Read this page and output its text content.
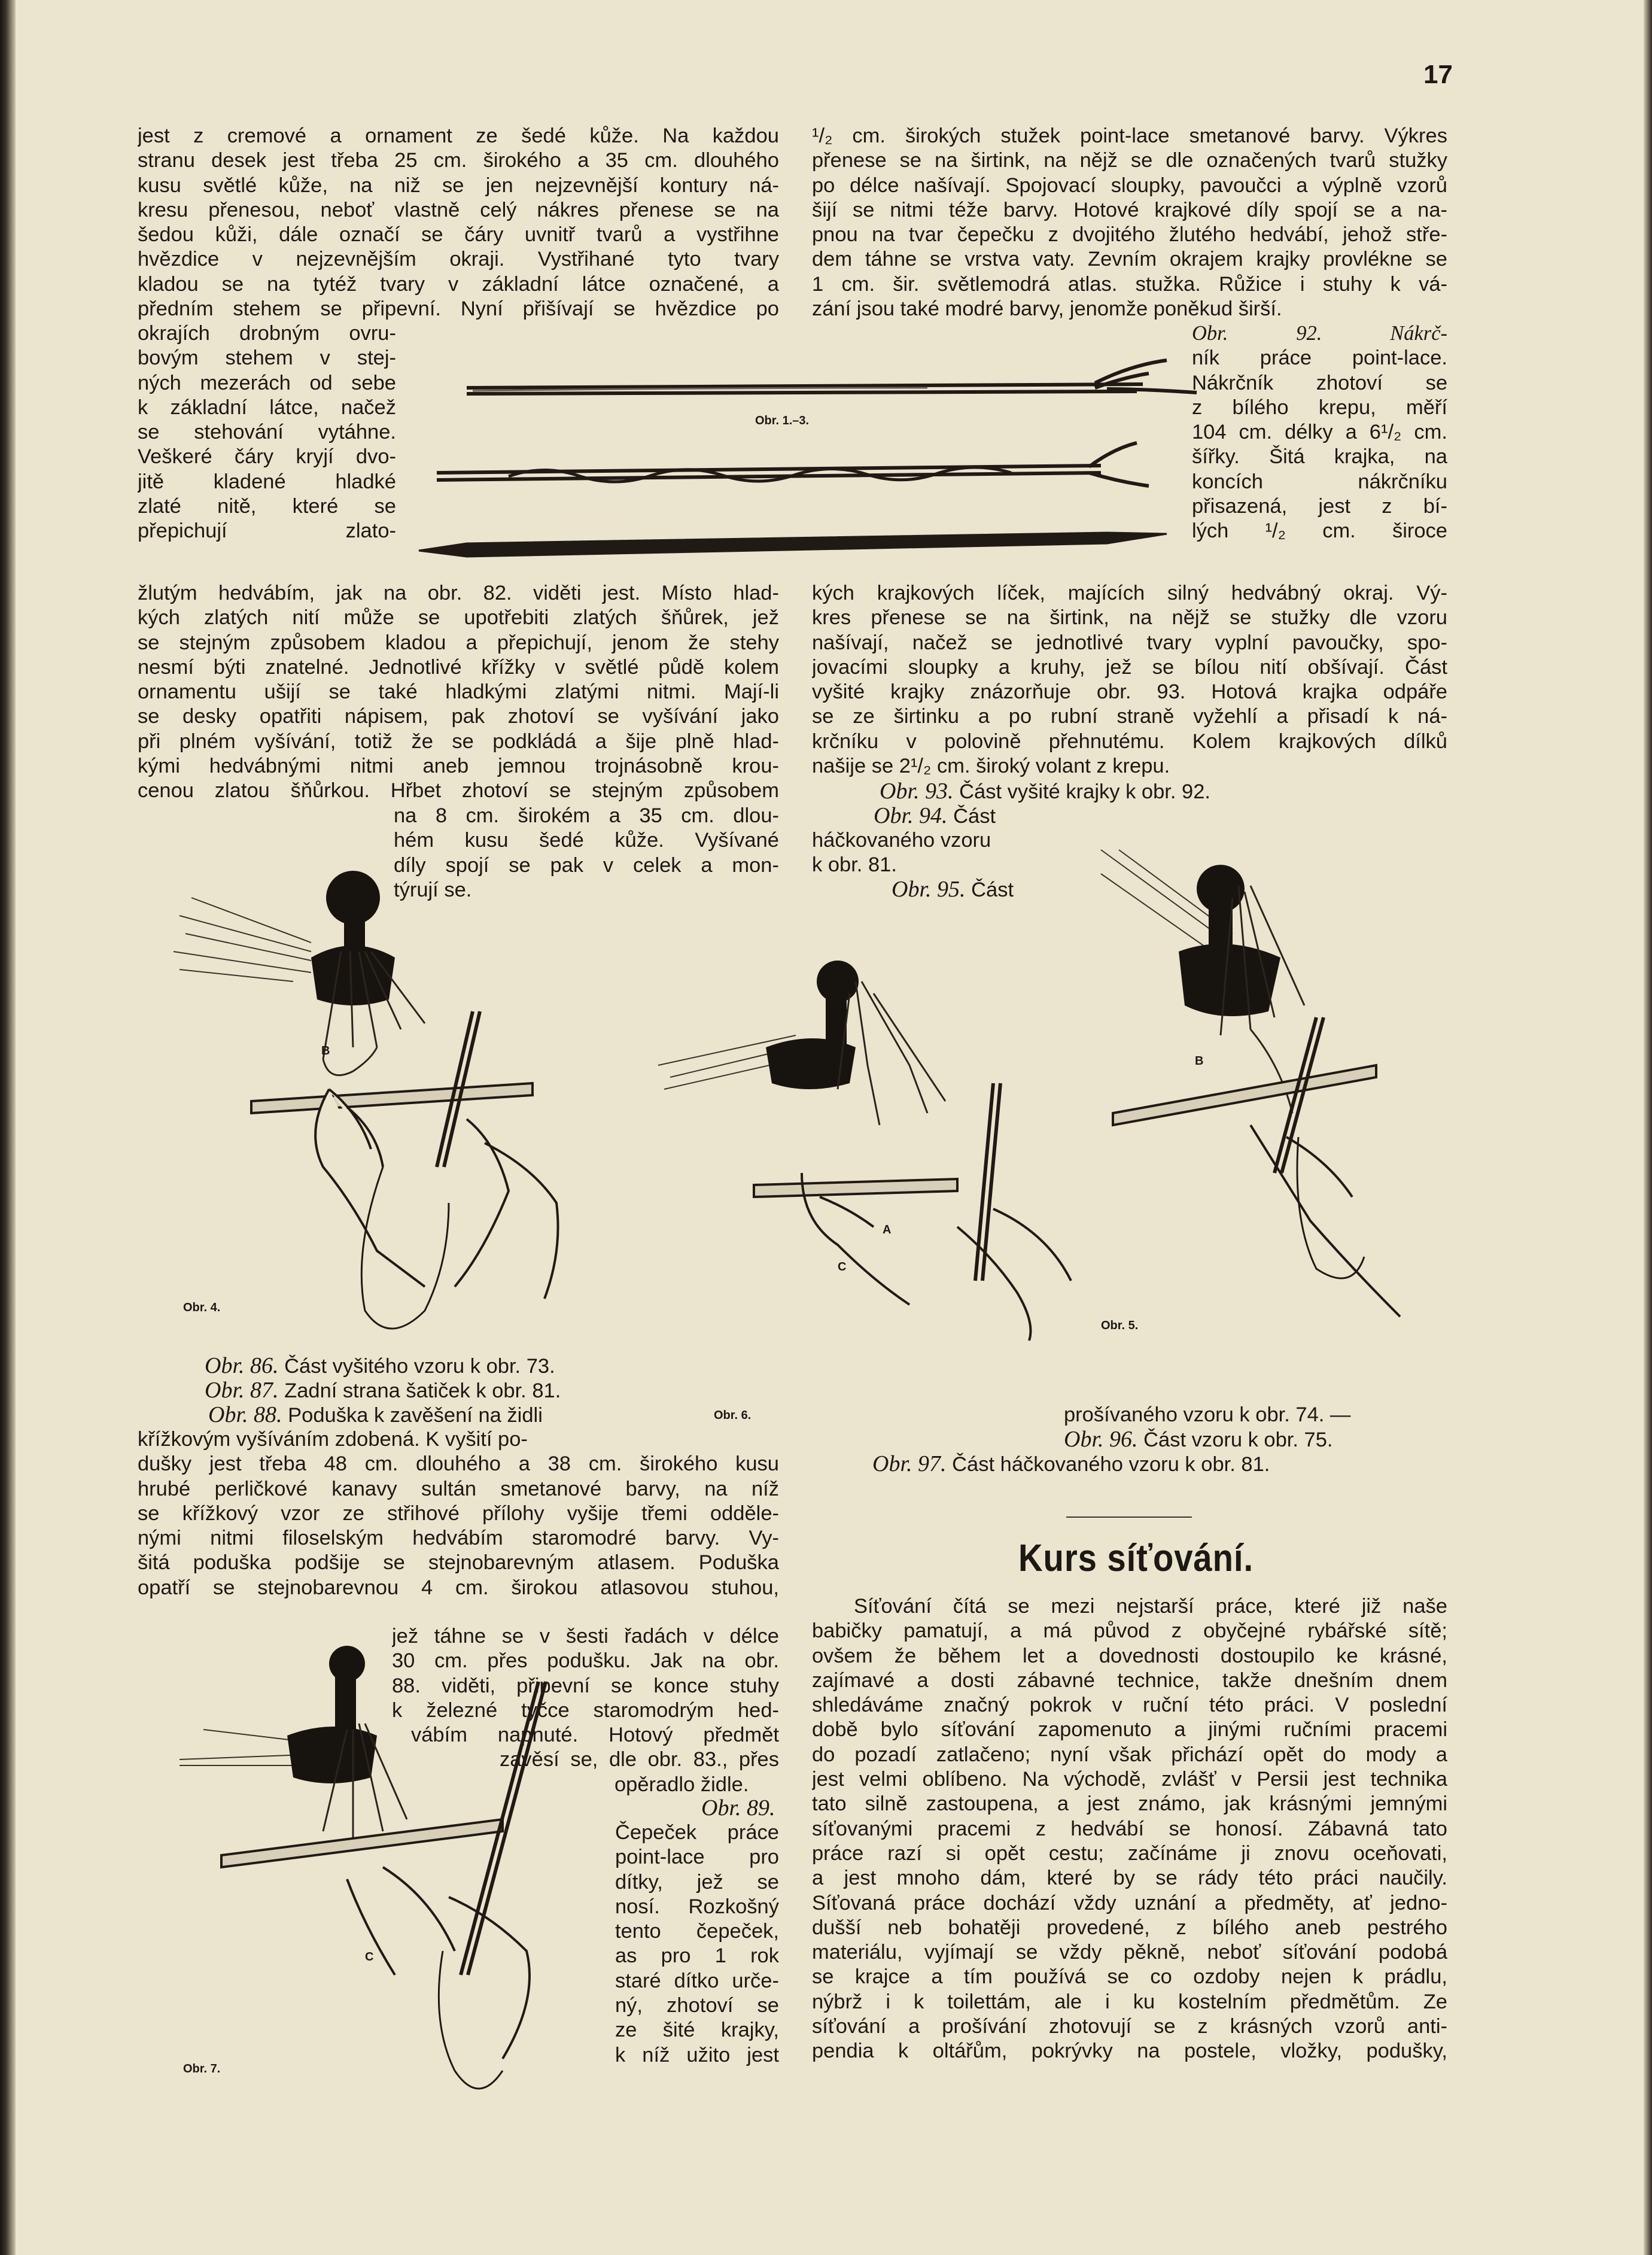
17
jest z cremové a ornament ze šedé kůže. Na každou
stranu desek jest třeba 25 cm. širokého a 35 cm. dlouhého
kusu světlé kůže, na niž se jen nejzevnější kontury ná-
kresu přenesou, neboť vlastně celý nákres přenese se na
šedou kůži, dále označí se čáry uvnitř tvarů a vystřihne
hvězdice v nejzevnějším okraji. Vystřihané tyto tvary
kladou se na tytéž tvary v základní látce označené, a
předním stehem se připevní. Nyní přišívají se hvězdice po
okrajích drobným ovru-
bovým stehem v stej-
ných mezerách od sebe
k základní látce, načež
se stehování vytáhne.
Veškeré čáry kryjí dvo-
jitě kladené hladké
zlaté nitě, které se
přepichují zlato-
žlutým hedvábím, jak na obr. 82. viděti jest. Místo hlad-
kých zlatých nití může se upotřebiti zlatých šňůrek, jež
se stejným způsobem kladou a přepichují, jenom že stehy
nesmí býti znatelné. Jednotlivé křížky v světlé půdě kolem
ornamentu ušijí se také hladkými zlatými nitmi. Mají-li
se desky opatřiti nápisem, pak zhotoví se vyšívání jako
při plném vyšívání, totiž že se podkládá a šije plně hlad-
kými hedvábnými nitmi aneb jemnou trojnásobně krou-
cenou zlatou šňůrkou. Hřbet zhotoví se stejným způsobem
na 8 cm. širokém a 35 cm. dlou-
hém kusu šedé kůže. Vyšívané
díly spojí se pak v celek a mon-
týrují se.
¹/₂ cm. širokých stužek point-lace smetanové barvy. Výkres
přenese se na širtink, na nějž se dle označených tvarů stužky
po délce našívají. Spojovací sloupky, pavoučci a výplně vzorů
šijí se nitmi téže barvy. Hotové krajkové díly spojí se a na-
pnou na tvar čepečku z dvojitého žlutého hedvábí, jehož stře-
dem táhne se vrstva vaty. Zevním okrajem krajky provlékne se
1 cm. šir. světlemodrá atlas. stužka. Růžice i stuhy k vá-
zání jsou také modré barvy, jenomže poněkud širší.
Obr. 92. Nákrč-
ník práce point-lace.
Nákrčník zhotoví se
z bílého krepu, měří
104 cm. délky a 6¹/₂ cm.
šířky. Šitá krajka, na
koncích nákrčníku
přisazená, jest z bí-
lých ¹/₂ cm. široce
kých krajkových líček, majících silný hedvábný okraj. Vý-
kres přenese se na širtink, na nějž se stužky dle vzoru
našívají, načež se jednotlivé tvary vyplní pavoučky, spo-
jovacími sloupky a kruhy, jež se bílou nití obšívají. Část
vyšité krajky znázorňuje obr. 93. Hotová krajka odpáře
se ze širtinku a po rubní straně vyžehlí a přisadí k ná-
krčníku v polovině přehnutému. Kolem krajkových dílků
našije se 2¹/₂ cm. široký volant z krepu.
Obr. 93. Část vyšité krajky k obr. 92.
Obr. 94. Část
háčkovaného vzoru
k obr. 81.
Obr. 95. Část
Obr. 86. Část vyšitého vzoru k obr. 73.
Obr. 87. Zadní strana šatiček k obr. 81.
Obr. 88. Poduška k zavěšení na židli
křížkovým vyšíváním zdobená. K vyšití po-
dušky jest třeba 48 cm. dlouhého a 38 cm. širokého kusu
hrubé perličkové kanavy sultán smetanové barvy, na níž
se křížkový vzor ze střihové přílohy vyšije třemi odděle-
nými nitmi filoselským hedvábím staromodré barvy. Vy-
šitá poduška podšije se stejnobarevným atlasem. Poduška
opatří se stejnobarevnou 4 cm. širokou atlasovou stuhou,
jež táhne se v šesti řadách v délce
30 cm. přes podušku. Jak na obr.
88. viděti, připevní se konce stuhy
k železné tyčce staromodrým hed-
vábím napnuté. Hotový předmět
zavěsí se, dle obr. 83., přes
opěradlo židle.
Obr. 89.
Čepeček práce
point-lace pro
dítky, jež se
nosí. Rozkošný
tento čepeček,
as pro 1 rok
staré dítko urče-
ný, zhotoví se
ze šité krajky,
k níž užito jest
prošívaného vzoru k obr. 74. —
Obr. 96. Část vzoru k obr. 75.
Obr. 97. Část háčkovaného vzoru k obr. 81.
Kurs síťování.
Síťování čítá se mezi nejstarší práce, které již naše
babičky pamatují, a má původ z obyčejné rybářské sítě;
ovšem že během let a dovednosti dostoupilo ke krásné,
zajímavé a dosti zábavné technice, takže dnešním dnem
shledáváme značný pokrok v ruční této práci. V poslední
době bylo síťování zapomenuto a jinými ručními pracemi
do pozadí zatlačeno; nyní však přichází opět do mody a
jest velmi oblíbeno. Na východě, zvlášť v Persii jest technika
tato silně zastoupena, a jest známo, jak krásnými jemnými
síťovanými pracemi z hedvábí se honosí. Zábavná tato
práce razí si opět cestu; začínáme ji znovu oceňovati,
a jest mnoho dám, které by se rády této práci naučily.
Síťovaná práce dochází vždy uznání a předměty, ať jedno-
dušší neb bohatěji provedené, z bílého aneb pestrého
materiálu, vyjímají se vždy pěkně, neboť síťování podobá
se krajce a tím používá se co ozdoby nejen k prádlu,
nýbrž i k toilettám, ale i ku kostelním předmětům. Ze
síťování a prošívání zhotovují se z krásných vzorů anti-
pendia k oltářům, pokrývky na postele, vložky, podušky,
Obr. 1.–3.
Obr. 4.
B
Obr. 5.
A
C
Obr. 6.
B
Obr. 7.
C
